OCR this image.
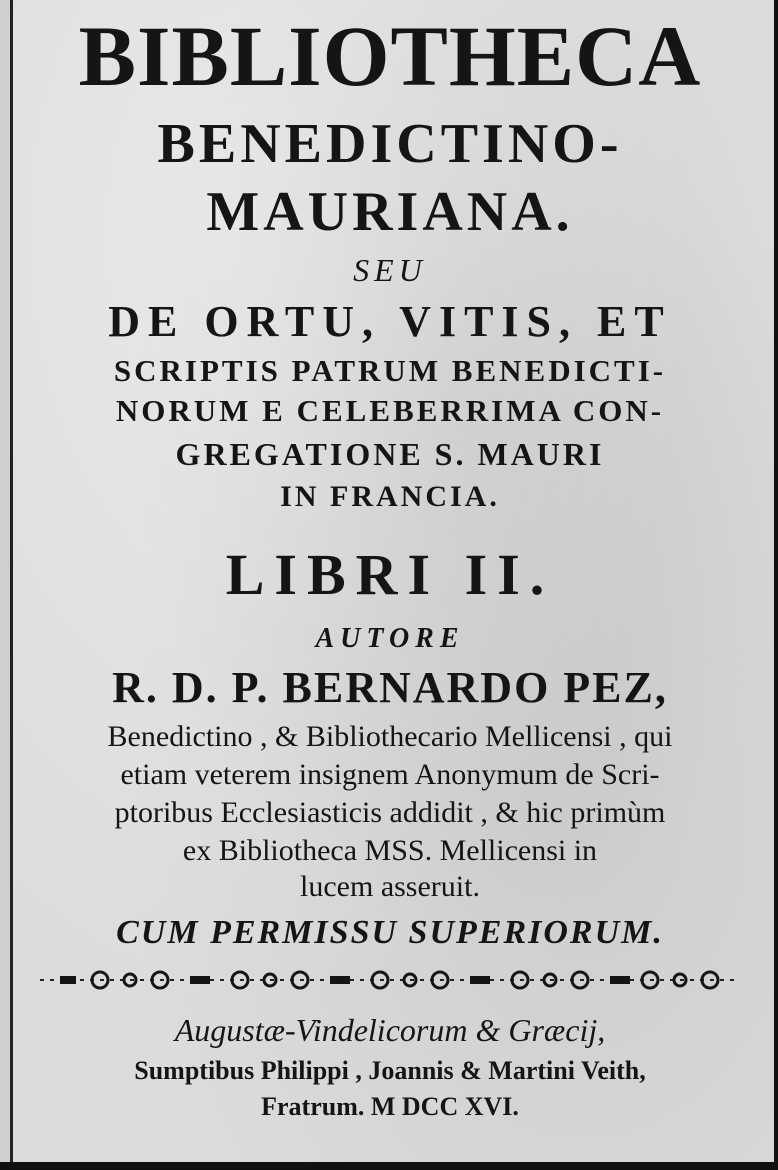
BIBLIOTHECA
BENEDICTINO-
MAURIANA.
SEU
DE ORTU, VITIS, ET
SCRIPTIS PATRUM BENEDICTI-
NORUM E CELEBERRIMA CON-
GREGATIONE S. MAURI
IN FRANCIA.
LIBRI II.
AUTORE
R. D. P. BERNARDO PEZ,
Benedictino , & Bibliothecario Mellicensi , qui
etiam veterem insignem Anonymum de Scri-
ptoribus Ecclesiasticis addidit , & hic primùm
ex Bibliotheca MSS. Mellicensi in
lucem asseruit.
CUM PERMISSU SUPERIORUM.
Augustæ-Vindelicorum & Græcij,
Sumptibus Philippi , Joannis & Martini Veith,
Fratrum. M DCC XVI.
